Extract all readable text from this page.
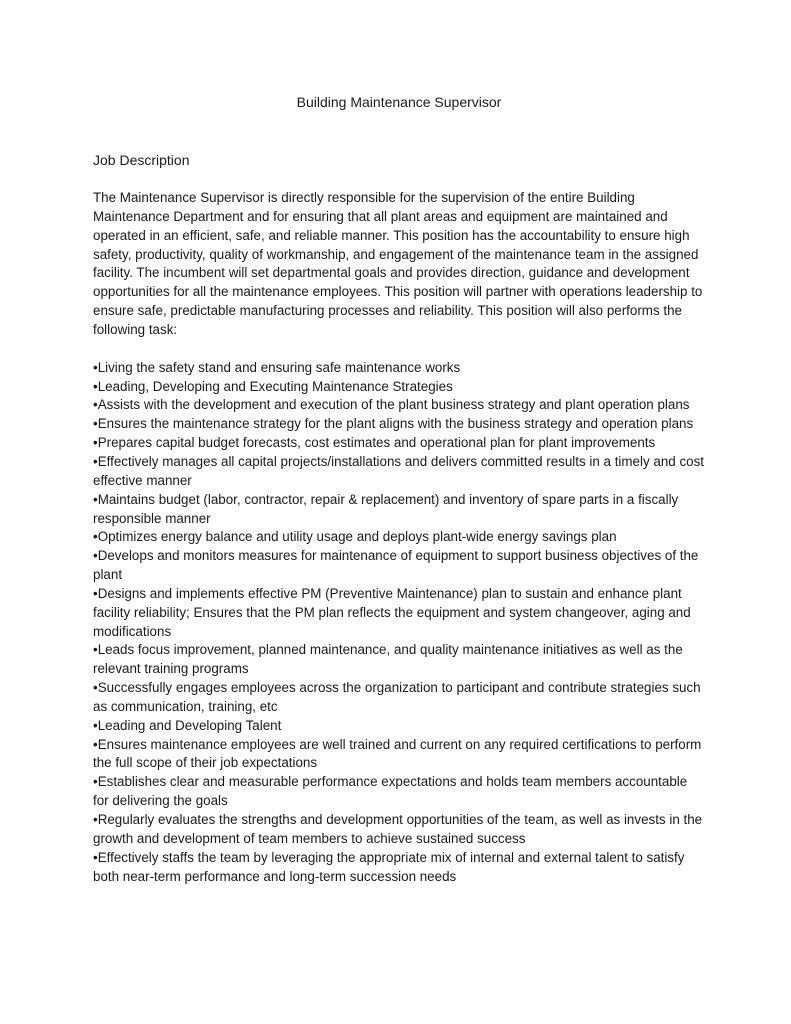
Building Maintenance Supervisor
Job Description

The Maintenance Supervisor is directly responsible for the supervision of the entire Building Maintenance Department and for ensuring that all plant areas and equipment are maintained and operated in an efficient, safe, and reliable manner. This position has the accountability to ensure high safety, productivity, quality of workmanship, and engagement of the maintenance team in the assigned facility. The incumbent will set departmental goals and provides direction, guidance and development opportunities for all the maintenance employees. This position will partner with operations leadership to ensure safe, predictable manufacturing processes and reliability. This position will also performs the following task:

•Living the safety stand and ensuring safe maintenance works
•Leading, Developing and Executing Maintenance Strategies
•Assists with the development and execution of the plant business strategy and plant operation plans
•Ensures the maintenance strategy for the plant aligns with the business strategy and operation plans
•Prepares capital budget forecasts, cost estimates and operational plan for plant improvements
•Effectively manages all capital projects/installations and delivers committed results in a timely and cost effective manner
•Maintains budget (labor, contractor, repair & replacement) and inventory of spare parts in a fiscally responsible manner
•Optimizes energy balance and utility usage and deploys plant-wide energy savings plan
•Develops and monitors measures for maintenance of equipment to support business objectives of the plant
•Designs and implements effective PM (Preventive Maintenance) plan to sustain and enhance plant facility reliability; Ensures that the PM plan reflects the equipment and system changeover, aging and modifications
•Leads focus improvement, planned maintenance, and quality maintenance initiatives as well as the relevant training programs
•Successfully engages employees across the organization to participant and contribute strategies such as communication, training, etc
•Leading and Developing Talent
•Ensures maintenance employees are well trained and current on any required certifications to perform the full scope of their job expectations
•Establishes clear and measurable performance expectations and holds team members accountable for delivering the goals
•Regularly evaluates the strengths and development opportunities of the team, as well as invests in the growth and development of team members to achieve sustained success
•Effectively staffs the team by leveraging the appropriate mix of internal and external talent to satisfy both near-term performance and long-term succession needs
